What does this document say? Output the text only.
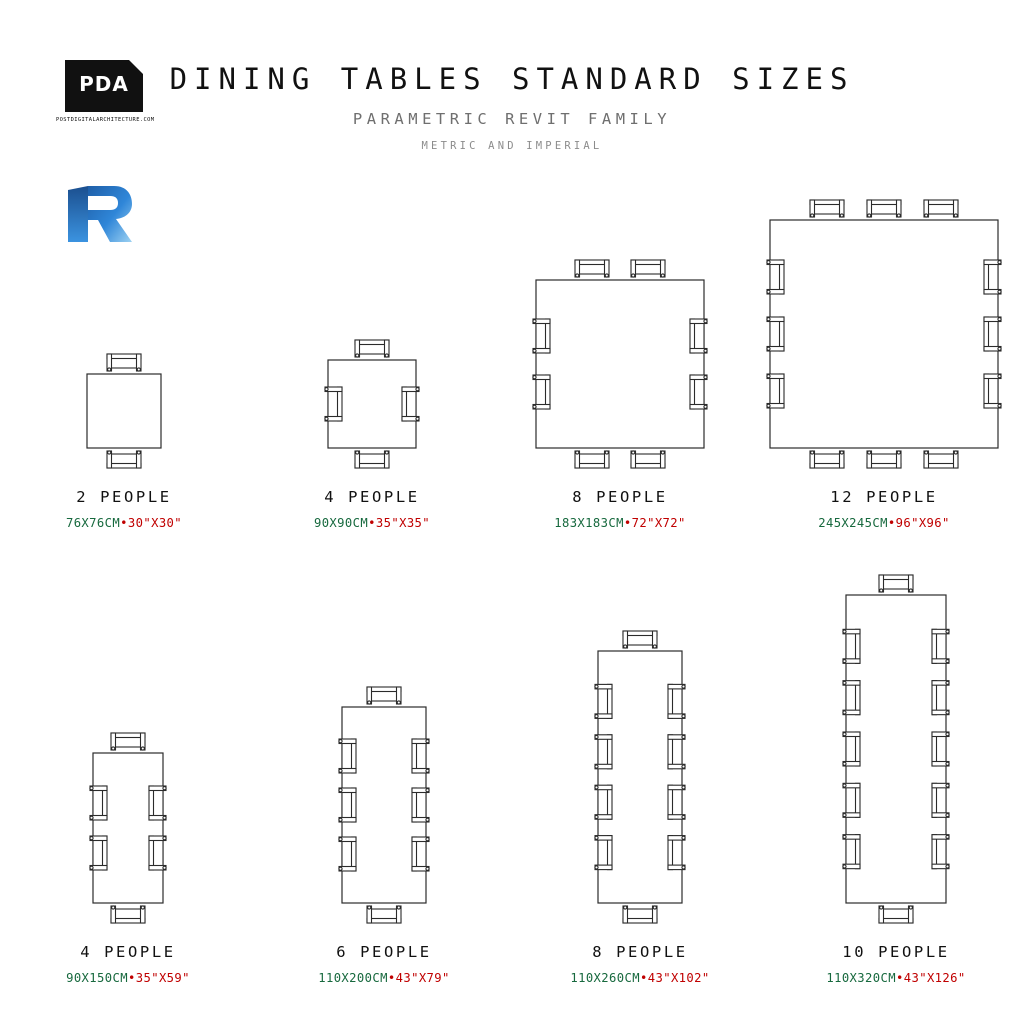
PDA
POSTDIGITALARCHITECTURE.COM
DINING TABLES STANDARD SIZES
PARAMETRIC REVIT FAMILY
METRIC AND IMPERIAL
2 PEOPLE
76X76CM•30"X30"
4 PEOPLE
90X90CM•35"X35"
8 PEOPLE
183X183CM•72"X72"
12 PEOPLE
245X245CM•96"X96"
4 PEOPLE
90X150CM•35"X59"
6 PEOPLE
110X200CM•43"X79"
8 PEOPLE
110X260CM•43"X102"
10 PEOPLE
110X320CM•43"X126"
